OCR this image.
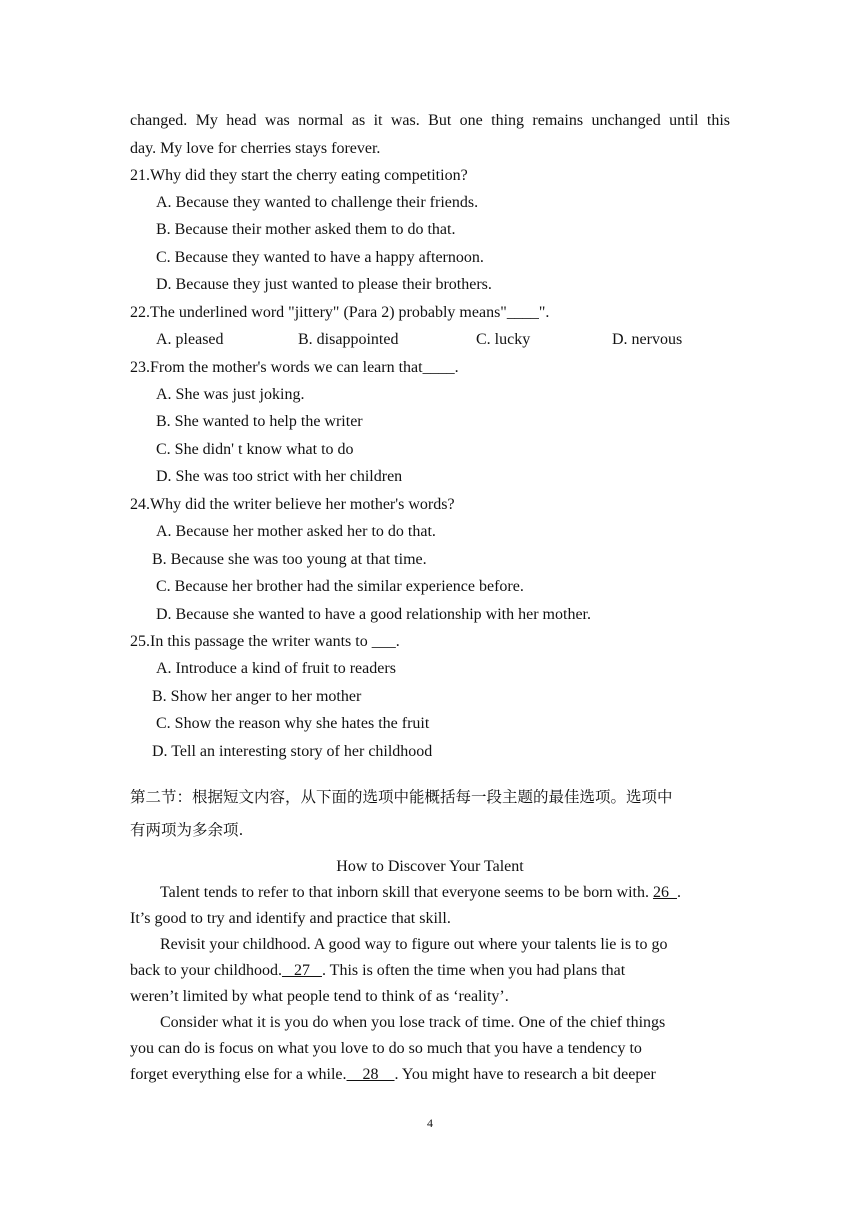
changed. My head was normal as it was. But one thing remains unchanged until this
day. My love for cherries stays forever.
21.Why did they start the cherry eating competition?
A. Because they wanted to challenge their friends.
B. Because their mother asked them to do that.
C. Because they wanted to have a happy afternoon.
D. Because they just wanted to please their brothers.
22.The underlined word "jittery" (Para 2) probably means"____".
A. pleased	B. disappointed	C. lucky	D. nervous
23.From the mother's words we can learn that____.
A. She was just joking.
B. She wanted to help the writer
C. She didn' t know what to do
D. She was too strict with her children
24.Why did the writer believe her mother's words?
A. Because her mother asked her to do that.
B. Because she was too young at that time.
C. Because her brother had the similar experience before.
D. Because she wanted to have a good relationship with her mother.
25.In this passage the writer wants to ___.
A. Introduce a kind of fruit to readers
B. Show her anger to her mother
C. Show the reason why she hates the fruit
D. Tell an interesting story of her childhood
第二节：根据短文内容，从下面的选项中能概括每一段主题的最佳选项。选项中
有两项为多余项.
How to Discover Your Talent
Talent tends to refer to that inborn skill that everyone seems to be born with. 26  .
It’s good to try and identify and practice that skill.
Revisit your childhood. A good way to figure out where your talents lie is to go
back to your childhood.   27   . This is often the time when you had plans that
weren’t limited by what people tend to think of as ‘reality’.
Consider what it is you do when you lose track of time. One of the chief things
you can do is focus on what you love to do so much that you have a tendency to
forget everything else for a while.    28    . You might have to research a bit deeper
4
